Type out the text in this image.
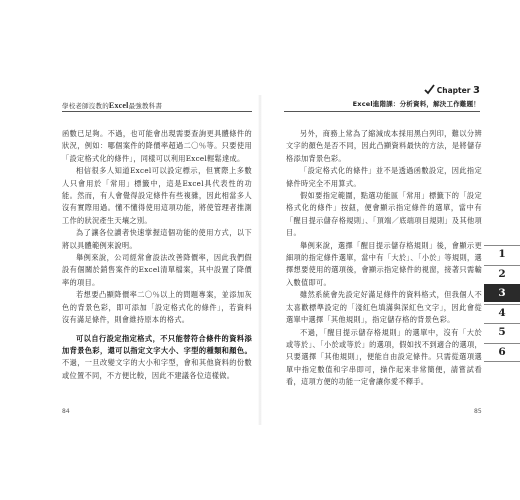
學校老師沒教的Excel最強教科書

函數已足夠。不過，也可能會出現需要查詢更具體條件的狀況，例如：哪個案件的降價率超過二〇％等。只要使用「設定格式化的條件」，同樣可以利用Excel輕鬆達成。

相信很多人知道Excel可以設定標示，但實際上多數人只會用於「常用」標籤中，這是Excel具代表性的功能。然而，有人會覺得設定條件有些複雜，因此相當多人沒有實際用過。懂不懂得使用這項功能，將使管理者推測工作的狀況產生天壤之別。

為了讓各位讀者快速掌握這個功能的使用方式，以下將以具體範例來說明。

舉例來說，公司經常會設法改善降價率，因此我們假設有個關於銷售案件的Excel清單檔案，其中設置了降價率的項目。

若想要凸顯降價率二〇％以上的問題專案，並添加灰色的背景色彩，即可添加「設定格式化的條件」，若資料沒有滿足條件，則會維持原本的格式。

可以自行設定指定格式，不只能替符合條件的資料添加背景色彩，還可以指定文字大小、字型的種類和顏色。不過，一旦改變文字的大小和字型，會和其他資料的份數或位置不同，不方便比較，因此不建議各位這樣做。

84
Chapter 3
Excel進階課：分析資料，解決工作難題！

另外，商務上常為了縮減成本採用黑白列印，難以分辨文字的顏色是否不同，因此凸顯資料最快的方法，是將儲存格添加背景色彩。

「設定格式化的條件」並不是透過函數設定，因此指定條件時完全不用算式。

假如要指定範圍，點選功能區「常用」標籤下的「設定格式化的條件」按鈕，便會顯示指定條件的選單，當中有「醒目提示儲存格規則」、「頂端／底端項目規則」及其他項目。

舉例來說，選擇「醒目提示儲存格規則」後，會顯示更細項的指定條件選單，當中有「大於」、「小於」等規則，選擇想要使用的選項後，會顯示指定條件的視窗，接著只需輸入數值即可。

雖然系統會先設定好滿足條件的資料格式，但我個人不太喜歡標準設定的「淺紅色填滿與深紅色文字」，因此會從選單中選擇「其他規則」，指定儲存格的背景色彩。

不過，「醒目提示儲存格規則」的選單中，沒有「大於或等於」、「小於或等於」的選項，假如找不到適合的選項，只要選擇「其他規則」，便能自由設定條件。只需從選項選單中指定數值和字串即可，操作起來非常簡便，請嘗試看看，這項方便的功能一定會讓你愛不釋手。

85
1
2
3
4
5
6
